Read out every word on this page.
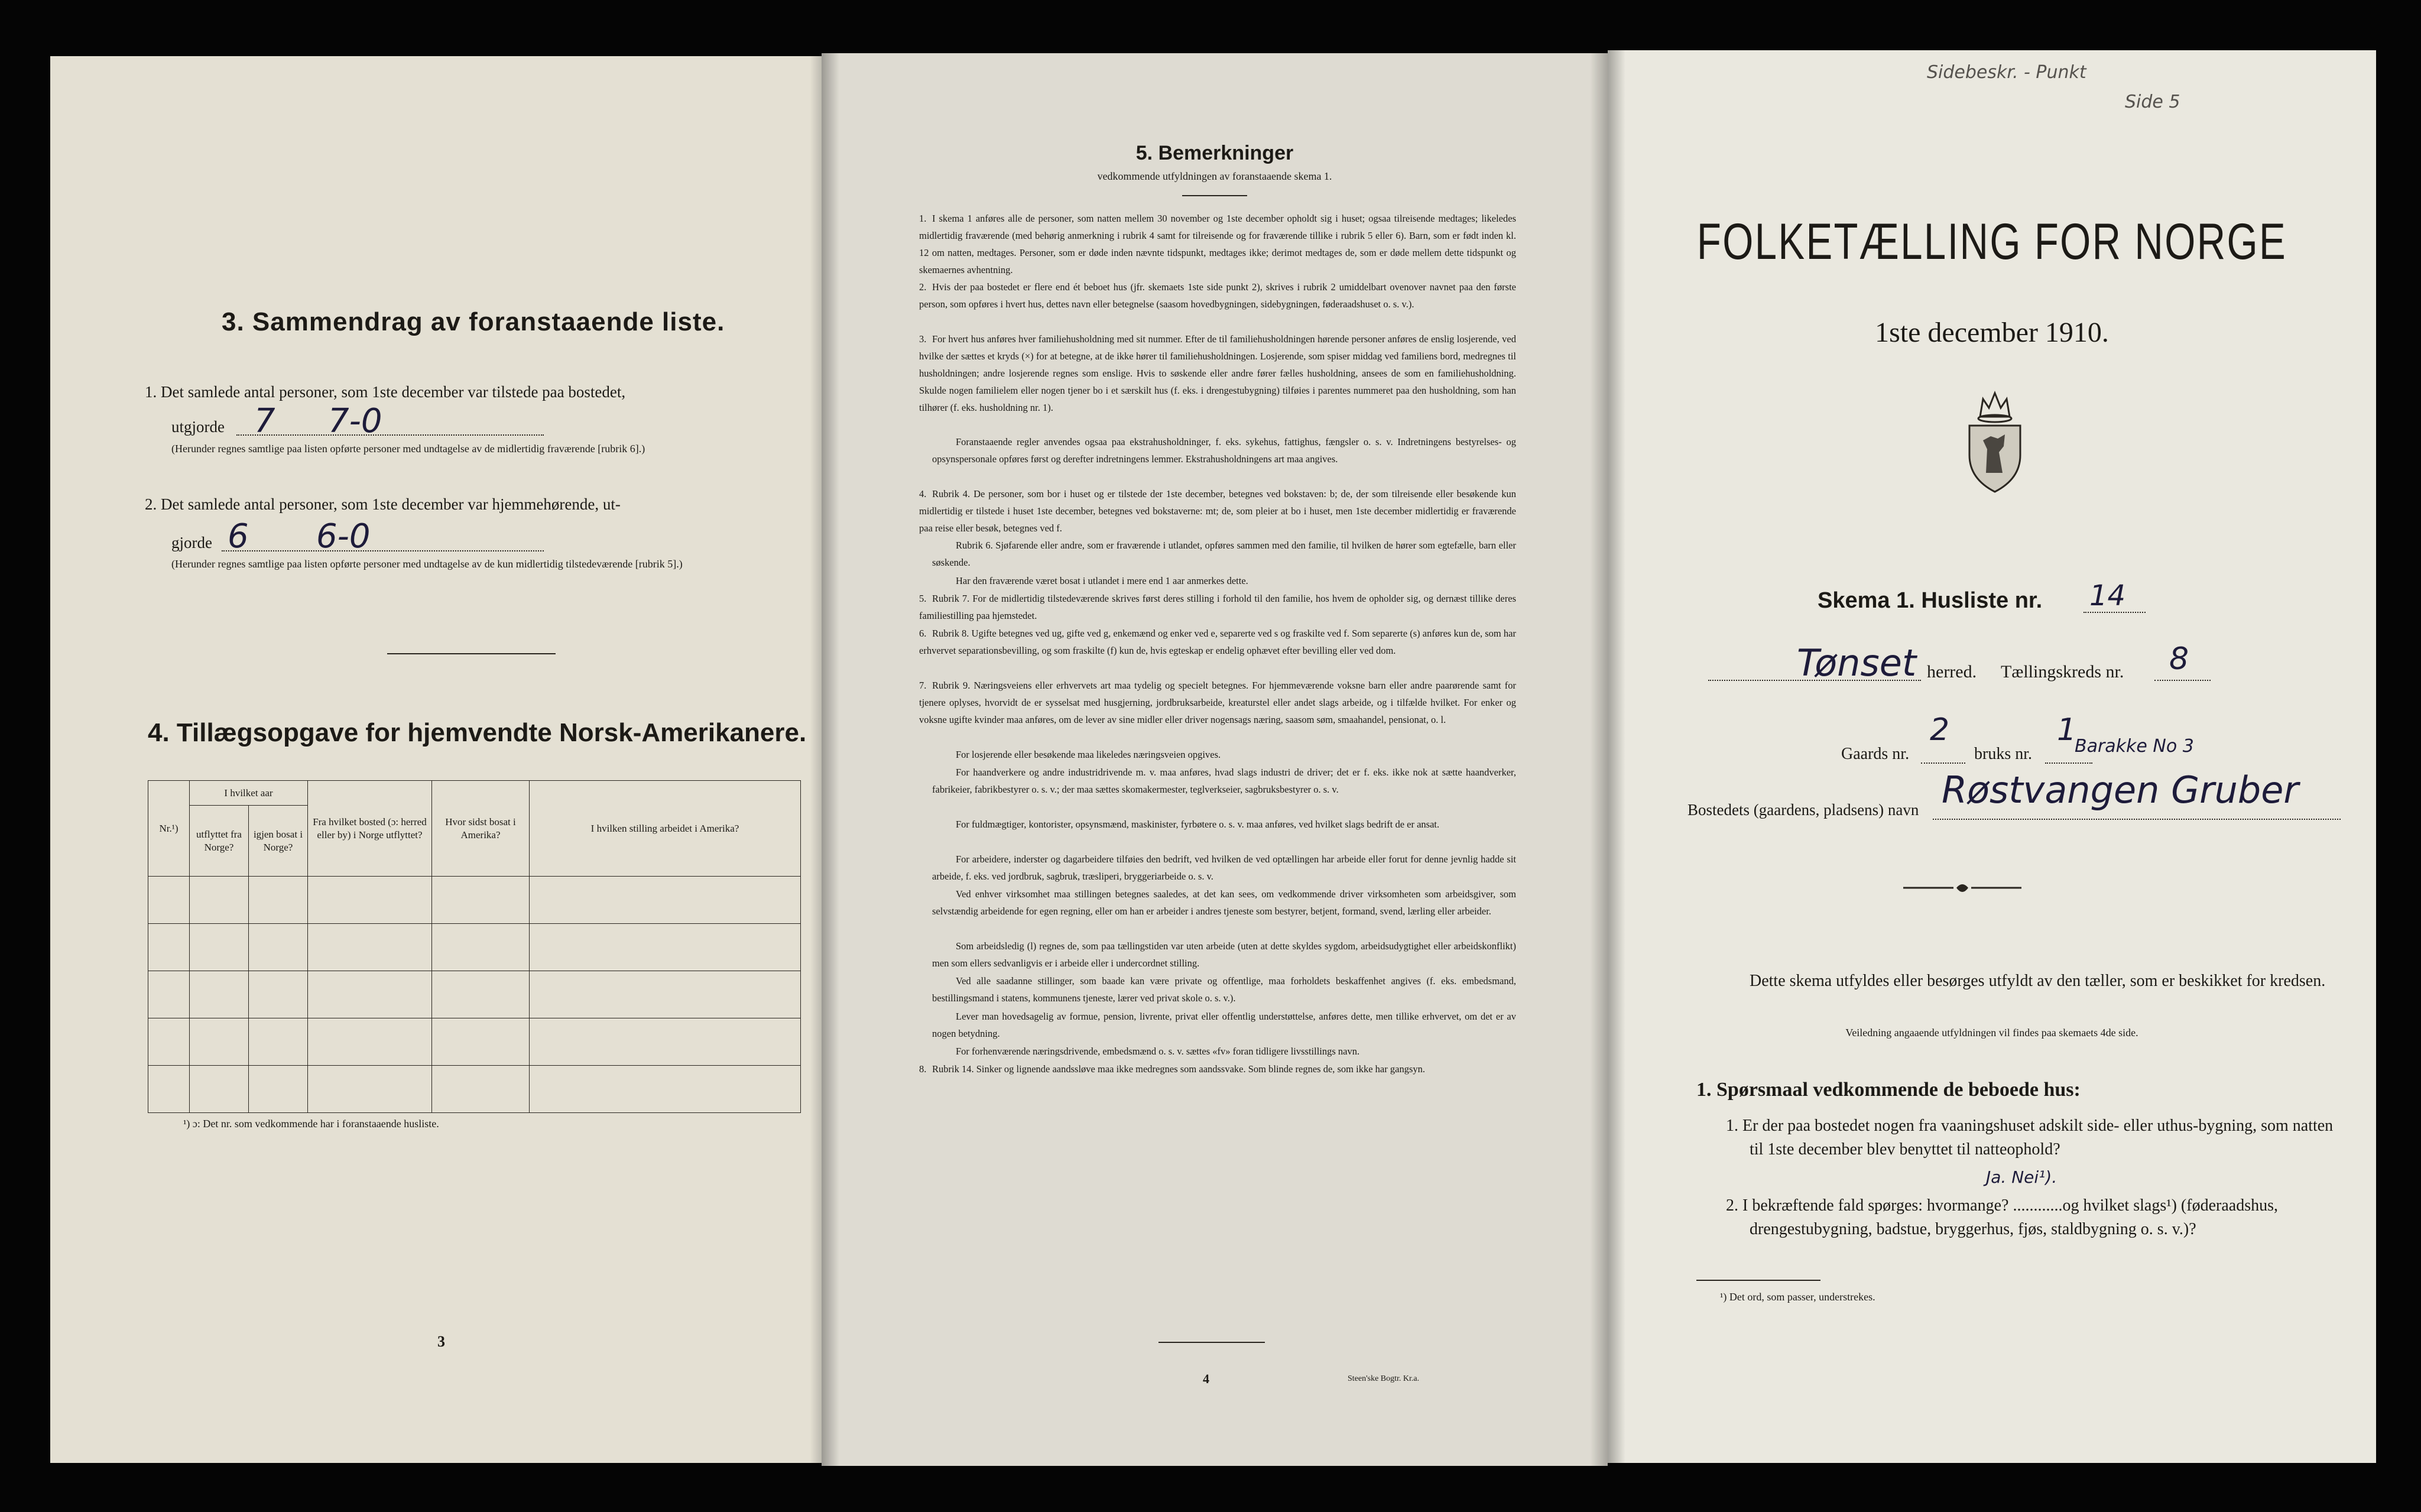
3. Sammendrag av foranstaaende liste.
1. Det samlede antal personer, som 1ste december var tilstede paa bostedet,
utgjorde 7 7-0
(Herunder regnes samtlige paa listen opførte personer med undtagelse av de midlertidig fraværende [rubrik 6].)
2. Det samlede antal personer, som 1ste december var hjemmehørende, ut-
gjorde 6 6-0
(Herunder regnes samtlige paa listen opførte personer med undtagelse av de kun midlertidig tilstedeværende [rubrik 5].)
4. Tillægsopgave for hjemvendte Norsk-Amerikanere.
Nr.¹)	I hvilket aar		Fra hvilket bosted (ɔ: herred eller by) i Norge utflyttet?	Hvor sidst bosat i Amerika?	I hvilken stilling arbeidet i Amerika?
	utflyttet fra Norge?	igjen bosat i Norge?			

¹) ɔ: Det nr. som vedkommende har i foranstaaende husliste.
3
5. Bemerkninger
vedkommende utfyldningen av foranstaaende skema 1.
1. I skema 1 anføres alle de personer, som natten mellem 30 november og 1ste december opholdt sig i huset; ogsaa tilreisende medtages; likeledes midlertidig fraværende (med behørig anmerkning i rubrik 4 samt for tilreisende og for fraværende tillike i rubrik 5 eller 6). Barn, som er født inden kl. 12 om natten, medtages. Personer, som er døde inden nævnte tidspunkt, medtages ikke; derimot medtages de, som er døde mellem dette tidspunkt og skemaernes avhentning.
2. Hvis der paa bostedet er flere end ét beboet hus (jfr. skemaets 1ste side punkt 2), skrives i rubrik 2 umiddelbart ovenover navnet paa den første person, som opføres i hvert hus, dettes navn eller betegnelse (saasom hovedbygningen, sidebygningen, føderaadshuset o. s. v.).
3. For hvert hus anføres hver familiehusholdning med sit nummer. Efter de til familiehusholdningen hørende personer anføres de enslig losjerende, ved hvilke der sættes et kryds (×) for at betegne, at de ikke hører til familiehusholdningen. Losjerende, som spiser middag ved familiens bord, medregnes til husholdningen; andre losjerende regnes som enslige. Hvis to søskende eller andre fører fælles husholdning, ansees de som en familiehusholdning. Skulde nogen familielem eller nogen tjener bo i et særskilt hus (f. eks. i drengestubygning) tilføies i parentes nummeret paa den husholdning, som han tilhører (f. eks. husholdning nr. 1).
Foranstaaende regler anvendes ogsaa paa ekstrahusholdninger, f. eks. sykehus, fattighus, fængsler o. s. v. Indretningens bestyrelses- og opsynspersonale opføres først og derefter indretningens lemmer. Ekstrahusholdningens art maa angives.
4. Rubrik 4. De personer, som bor i huset og er tilstede der 1ste december, betegnes ved bokstaven: b; de, der som tilreisende eller besøkende kun midlertidig er tilstede i huset 1ste december, betegnes ved bokstaverne: mt; de, som pleier at bo i huset, men 1ste december midlertidig er fraværende paa reise eller besøk, betegnes ved f.
Rubrik 6. Sjøfarende eller andre, som er fraværende i utlandet, opføres sammen med den familie, til hvilken de hører som egtefælle, barn eller søskende.
Har den fraværende været bosat i utlandet i mere end 1 aar anmerkes dette.
5. Rubrik 7. For de midlertidig tilstedeværende skrives først deres stilling i forhold til den familie, hos hvem de opholder sig, og dernæst tillike deres familiestilling paa hjemstedet.
6. Rubrik 8. Ugifte betegnes ved ug, gifte ved g, enkemænd og enker ved e, separerte ved s og fraskilte ved f. Som separerte (s) anføres kun de, som har erhvervet separationsbevilling, og som fraskilte (f) kun de, hvis egteskap er endelig ophævet efter bevilling eller ved dom.
7. Rubrik 9. Næringsveiens eller erhvervets art maa tydelig og specielt betegnes. For hjemmeværende voksne barn eller andre paarørende samt for tjenere oplyses, hvorvidt de er sysselsat med husgjerning, jordbruksarbeide, kreaturstel eller andet slags arbeide, og i tilfælde hvilket. For enker og voksne ugifte kvinder maa anføres, om de lever av sine midler eller driver nogensags næring, saasom søm, smaahandel, pensionat, o. l.
For losjerende eller besøkende maa likeledes næringsveien opgives.
For haandverkere og andre industridrivende m. v. maa anføres, hvad slags industri de driver; det er f. eks. ikke nok at sætte haandverker, fabrikeier, fabrikbestyrer o. s. v.; der maa sættes skomakermester, teglverkseier, sagbruksbestyrer o. s. v.
For fuldmægtiger, kontorister, opsynsmænd, maskinister, fyrbøtere o. s. v. maa anføres, ved hvilket slags bedrift de er ansat.
For arbeidere, inderster og dagarbeidere tilføies den bedrift, ved hvilken de ved optællingen har arbeide eller forut for denne jevnlig hadde sit arbeide, f. eks. ved jordbruk, sagbruk, træsliperi, bryggeriarbeide o. s. v.
Ved enhver virksomhet maa stillingen betegnes saaledes, at det kan sees, om vedkommende driver virksomheten som arbeidsgiver, som selvstændig arbeidende for egen regning, eller om han er arbeider i andres tjeneste som bestyrer, betjent, formand, svend, lærling eller arbeider.
Som arbeidsledig (l) regnes de, som paa tællingstiden var uten arbeide (uten at dette skyldes sygdom, arbeidsudygtighet eller arbeidskonflikt) men som ellers sedvanligvis er i arbeide eller i undercordnet stilling.
Ved alle saadanne stillinger, som baade kan være private og offentlige, maa forholdets beskaffenhet angives (f. eks. embedsmand, bestillingsmand i statens, kommunens tjeneste, lærer ved privat skole o. s. v.).
Lever man hovedsagelig av formue, pension, livrente, privat eller offentlig understøttelse, anføres dette, men tillike erhvervet, om det er av nogen betydning.
For forhenværende næringsdrivende, embedsmænd o. s. v. sættes «fv» foran tidligere livsstillings navn.
8. Rubrik 14. Sinker og lignende aandssløve maa ikke medregnes som aandssvake. Som blinde regnes de, som ikke har gangsyn.
4	Steen'ske Bogtr. Kr.a.
Sidebeskr. - Punkt
Side 5
FOLKETÆLLING FOR NORGE
1ste december 1910.
Skema 1. Husliste nr. 14
Tønset herred. Tællingskreds nr. 8
Gaards nr.
2
bruks nr.
1
Barakke No 3
Bostedets (gaardens, pladsens) navn Røstvangen Gruber
Dette skema utfyldes eller besørges utfyldt av den tæller, som er beskikket for kredsen.
Veiledning angaaende utfyldningen vil findes paa skemaets 4de side.
1. Spørsmaal vedkommende de beboede hus:
1. Er der paa bostedet nogen fra vaaningshuset adskilt side- eller uthus-bygning, som natten til 1ste december blev benyttet til natteophold?
Ja. Nei¹).
2. I bekræftende fald spørges: hvormange? ............og hvilket slags¹) (føderaadshus, drengestubygning, badstue, bryggerhus, fjøs, staldbygning o. s. v.)?
¹) Det ord, som passer, understrekes.
